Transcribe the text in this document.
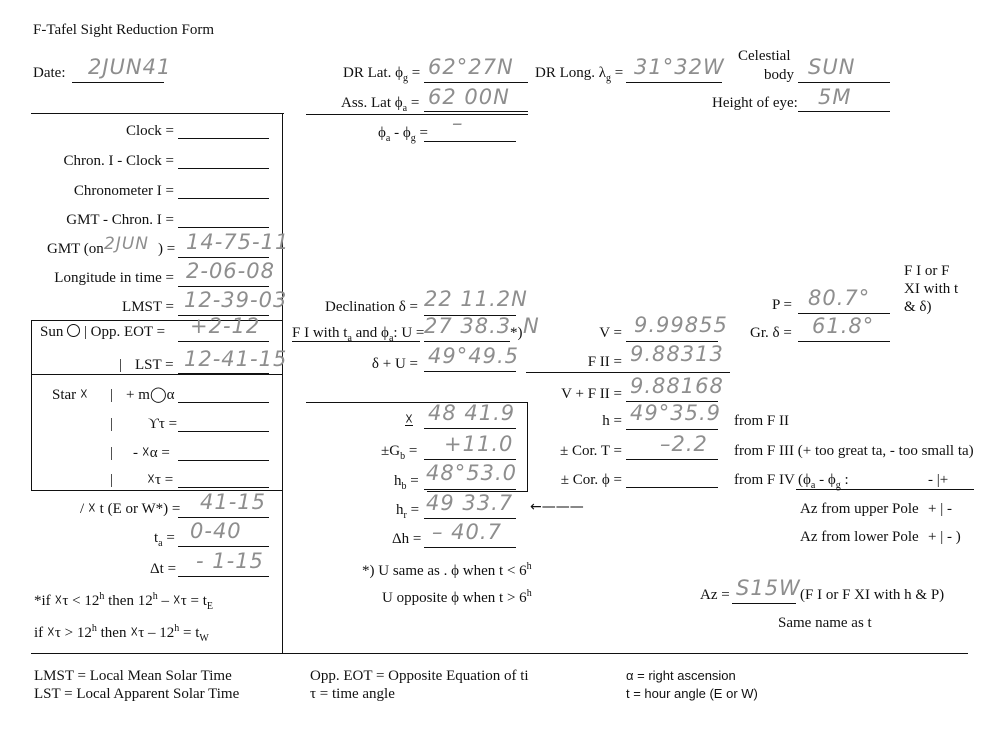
F-Tafel Sight Reduction Form
Date: 2JUN41	DR Lat. $\phi_g = 62^\circ 27N$ DR Long. $\lambda_g = 31^\circ 32W$ Celestial
body SUN
Ass. Lat $\phi_a = 62$ 00N	Height of eye: 5M
$\phi_a - \phi_g$ = –
Clock =
Chron. I - Clock =
Chronometer I =
GMT - Chron. I =
GMT (on 2JUN ) = 14-75-11
Longitude in time = 2-06-08
LMST = 12-39-03
Sun | Opp. EOT = +2-12
| LST = 12-41-15
Star ☓ | + m◯α
| ϒτ =
| - ☓α =
| ☓τ =
/ ☓ t (E or W*) = 41-15
$t_a = 0-40$
Δt = - 1-15
*if ☓τ < $12^h$ then 12$^h$ – ☓τ = $t_E$
if ☓τ > $12^h$ then ☓τ – $12^h = t_W$
Declination δ = 22 11.2N
F I with $t_a$ and $\phi_a$: U = 27 38.3
*) N
δ + U = 49°49.5
☓ 48 41.9
$\pm G_b = +11.0$
$h_b = 48^\circ 53.0$
$h_r = 49$ 33.7 ←———
Δh = – 40.7
*) U same as . ϕ when $t < 6^h$
U opposite ϕ when $t > 6^h$
V = 9.99855
F II = 9.88313
V + F II = 9.88168
h = 49°35.9 from F II
± Cor. T = –2.2 from F III (+ too great ta, - too small ta)
± Cor. ϕ =	from F IV ($\phi_a - \phi_g$ :	- |+
Az from upper Pole + | -
Az from lower Pole + | - )
Az = S15W (F I or F XI with h & P)
Same name as t
F I or F
XI with t
& δ)
P = 80.7°
Gr. δ = 61.8°
LMST = Local Mean Solar Time
LST = Local Apparent Solar Time
Opp. EOT = Opposite Equation of ti
τ = time angle
α = right ascension
t = hour angle (E or W)
